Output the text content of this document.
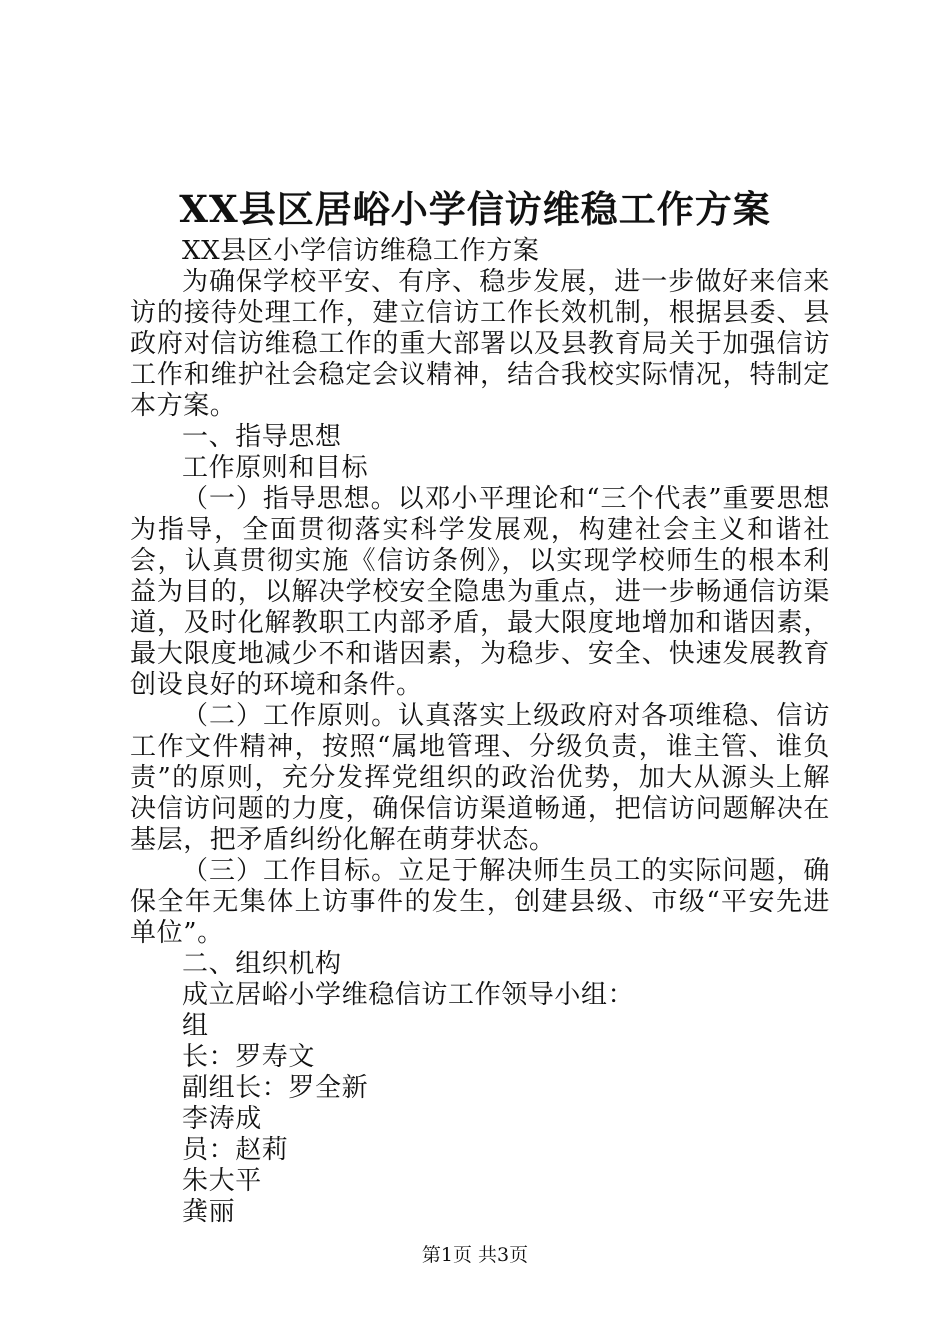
XX县区居峪小学信访维稳工作方案

XX县区小学信访维稳工作方案

为确保学校平安、有序、稳步发展，进一步做好来信来访的接待处理工作，建立信访工作长效机制，根据县委、县政府对信访维稳工作的重大部署以及县教育局关于加强信访工作和维护社会稳定会议精神，结合我校实际情况，特制定本方案。

一、指导思想

工作原则和目标

（一）指导思想。以邓小平理论和“三个代表”重要思想为指导，全面贯彻落实科学发展观，构建社会主义和谐社会，认真贯彻实施《信访条例》，以实现学校师生的根本利益为目的，以解决学校安全隐患为重点，进一步畅通信访渠道，及时化解教职工内部矛盾，最大限度地增加和谐因素，最大限度地减少不和谐因素，为稳步、安全、快速发展教育创设良好的环境和条件。

（二）工作原则。认真落实上级政府对各项维稳、信访工作文件精神，按照“属地管理、分级负责，谁主管、谁负责”的原则，充分发挥党组织的政治优势，加大从源头上解决信访问题的力度，确保信访渠道畅通，把信访问题解决在基层，把矛盾纠纷化解在萌芽状态。

（三）工作目标。立足于解决师生员工的实际问题，确保全年无集体上访事件的发生，创建县级、市级“平安先进单位”。

二、组织机构

成立居峪小学维稳信访工作领导小组：

组

长：罗寿文

副组长：罗全新

李涛成

员：赵莉

朱大平

龚丽

第1页 共3页
